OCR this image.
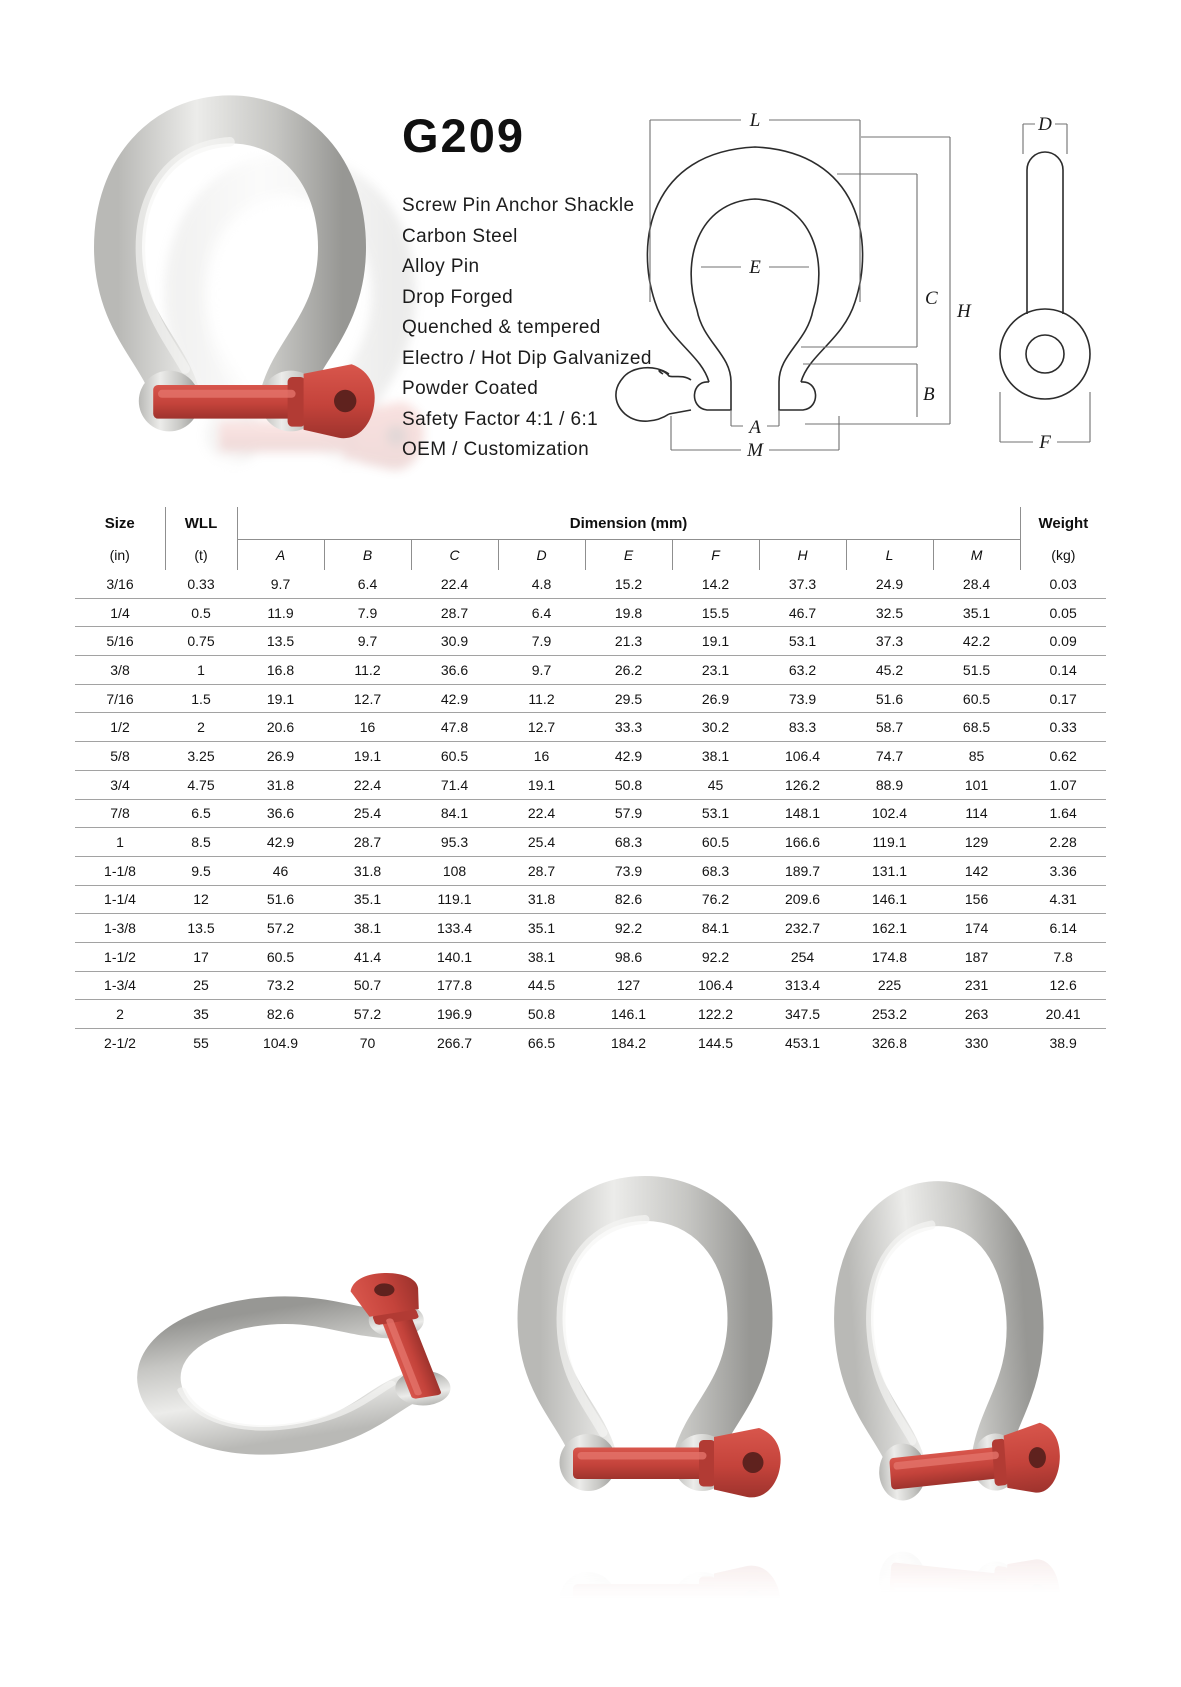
G209
Screw Pin Anchor Shackle
Carbon Steel
Alloy Pin
Drop Forged
Quenched & tempered
Electro / Hot Dip Galvanized
Powder Coated
Safety Factor 4:1 / 6:1
OEM / Customization
L
E
C
H
B
A
M
D
F
Size	WLL	Dimension (mm)									Weight
(in)	(t)	A	B	C	D	E	F	H	L	M	(kg)
3/16	0.33	9.7	6.4	22.4	4.8	15.2	14.2	37.3	24.9	28.4	0.03
1/4	0.5	11.9	7.9	28.7	6.4	19.8	15.5	46.7	32.5	35.1	0.05
5/16	0.75	13.5	9.7	30.9	7.9	21.3	19.1	53.1	37.3	42.2	0.09
3/8	1	16.8	11.2	36.6	9.7	26.2	23.1	63.2	45.2	51.5	0.14
7/16	1.5	19.1	12.7	42.9	11.2	29.5	26.9	73.9	51.6	60.5	0.17
1/2	2	20.6	16	47.8	12.7	33.3	30.2	83.3	58.7	68.5	0.33
5/8	3.25	26.9	19.1	60.5	16	42.9	38.1	106.4	74.7	85	0.62
3/4	4.75	31.8	22.4	71.4	19.1	50.8	45	126.2	88.9	101	1.07
7/8	6.5	36.6	25.4	84.1	22.4	57.9	53.1	148.1	102.4	114	1.64
1	8.5	42.9	28.7	95.3	25.4	68.3	60.5	166.6	119.1	129	2.28
1-1/8	9.5	46	31.8	108	28.7	73.9	68.3	189.7	131.1	142	3.36
1-1/4	12	51.6	35.1	119.1	31.8	82.6	76.2	209.6	146.1	156	4.31
1-3/8	13.5	57.2	38.1	133.4	35.1	92.2	84.1	232.7	162.1	174	6.14
1-1/2	17	60.5	41.4	140.1	38.1	98.6	92.2	254	174.8	187	7.8
1-3/4	25	73.2	50.7	177.8	44.5	127	106.4	313.4	225	231	12.6
2	35	82.6	57.2	196.9	50.8	146.1	122.2	347.5	253.2	263	20.41
2-1/2	55	104.9	70	266.7	66.5	184.2	144.5	453.1	326.8	330	38.9
